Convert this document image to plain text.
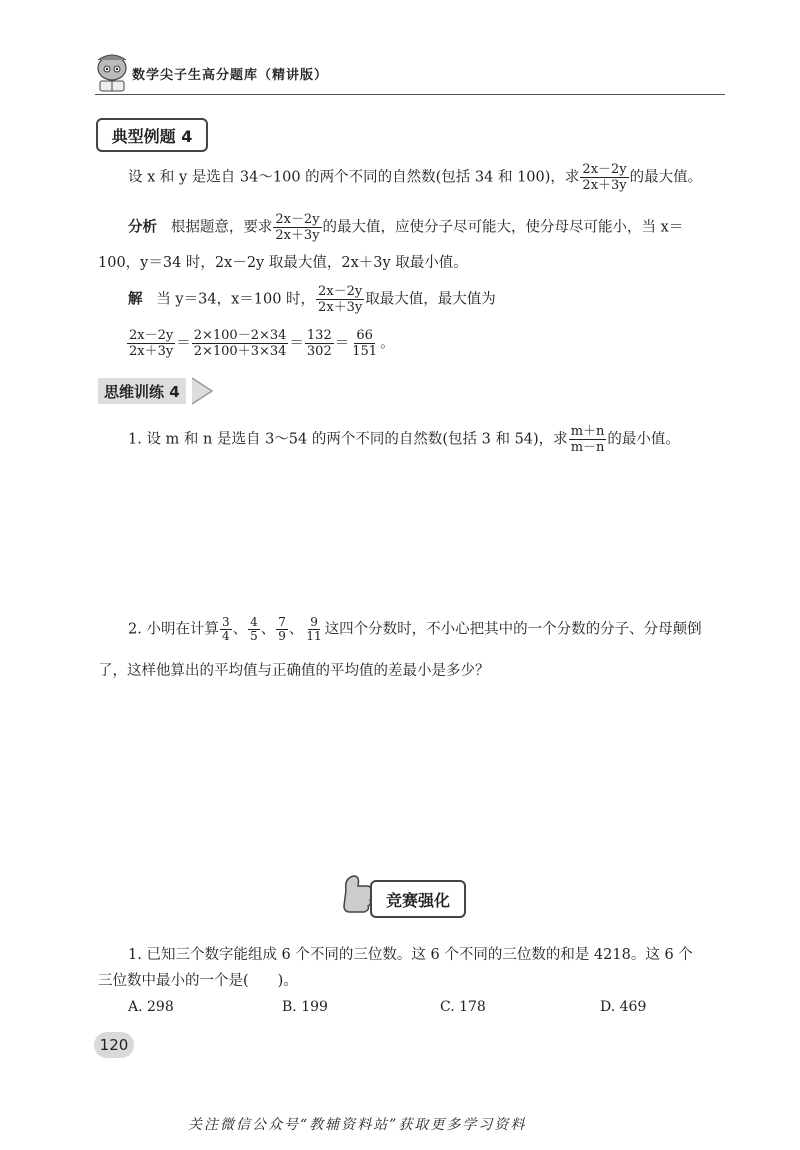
数学尖子生高分题库（精讲版）
典型例题 4
设 x 和 y 是选自 34～100 的两个不同的自然数(包括 34 和 100)，求 $\frac{2x-2y}{2x+3y}$ 的最大值。
分析 根据题意，要求 $\frac{2x-2y}{2x+3y}$ 的最大值，应使分子尽可能大，使分母尽可能小，当 x＝
100，y＝34 时，2x－2y 取最大值，2x＋3y 取最小值。
解 当 y＝34，x＝100 时， $\frac{2x-2y}{2x+3y}$ 取最大值，最大值为
$\frac{2x-2y}{2x+3y} = \frac{2\times 100-2\times 34}{2\times 100+3\times 34} = \frac{132}{302} = \frac{66}{151}$ 。
思维训练 4
1. 设 m 和 n 是选自 3～54 的两个不同的自然数(包括 3 和 54)，求 $\frac{m+n}{m-n}$ 的最小值。
2. 小明在计算 $\frac{3}{4}$ 、 $\frac{4}{5}$ 、 $\frac{7}{9}$ 、 $\frac{9}{11}$ 这四个分数时，不小心把其中的一个分数的分子、分母颠倒
了，这样他算出的平均值与正确值的平均值的差最小是多少？
竞赛强化
1. 已知三个数字能组成 6 个不同的三位数。这 6 个不同的三位数的和是 4218。这 6 个
三位数中最小的一个是(　　)。
A. 298	B. 199	C. 178	D. 469
120
关注微信公众号“教辅资料站”获取更多学习资料
